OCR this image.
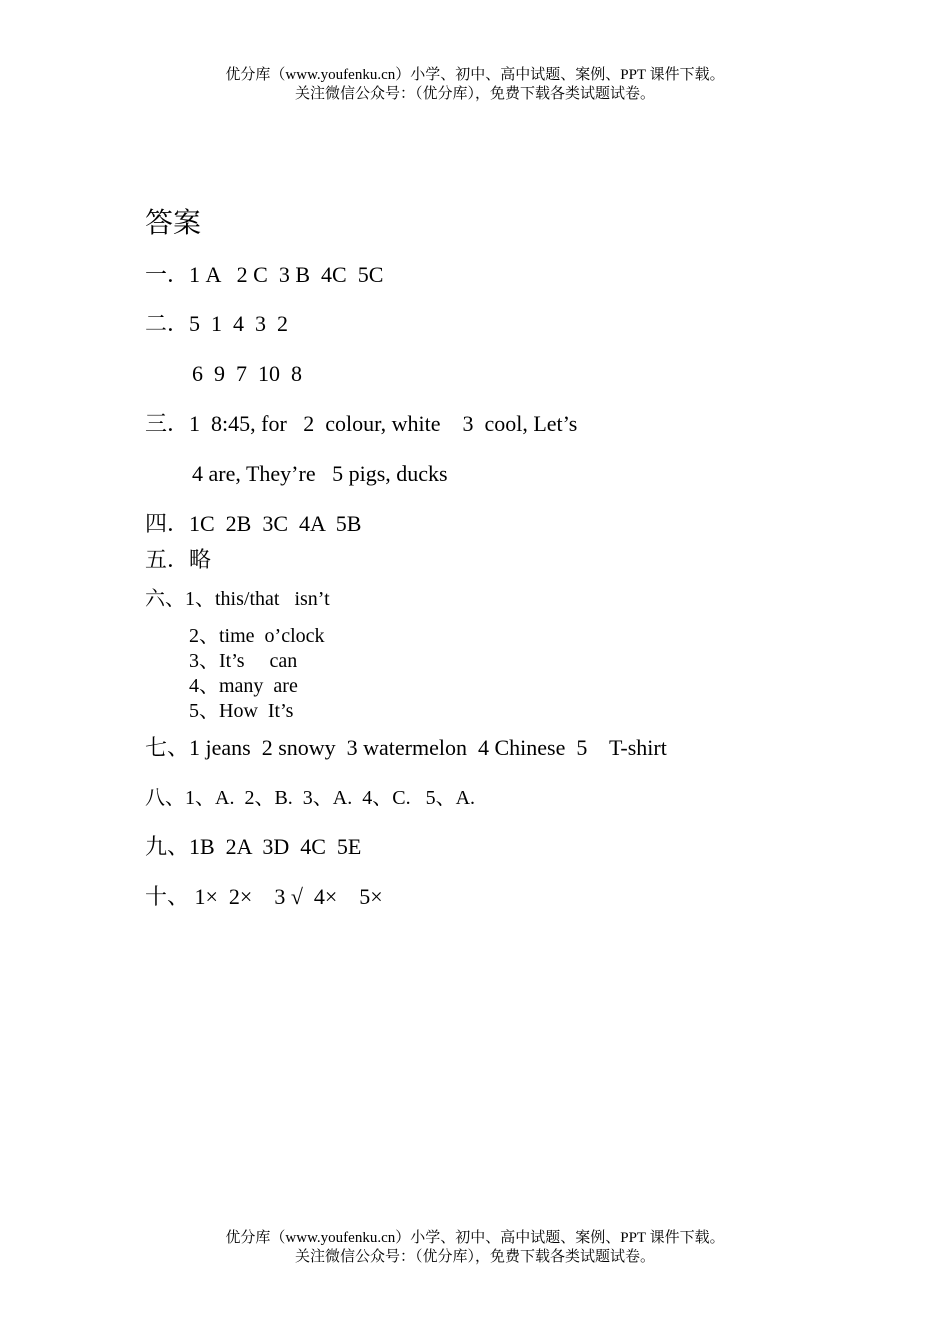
优分库（www.youfenku.cn）小学、初中、高中试题、案例、PPT 课件下载。
关注微信公众号：（优分库），免费下载各类试题试卷。
答案
一．1 A   2 C  3 B  4C  5C
二．5  1  4  3  2
6  9  7  10  8
三．1  8:45, for   2  colour, white    3  cool, Let’s
4 are, They’re   5 pigs, ducks
四．1C  2B  3C  4A  5B
五．略
六、1、this/that   isn’t
2、time  o’clock
3、It’s     can
4、many  are
5、How  It’s
七、1 jeans  2 snowy  3 watermelon  4 Chinese  5    T-shirt
八、1、A.  2、B.  3、A.  4、C.   5、A.
九、1B  2A  3D  4C  5E
十、 1×  2×    3 √  4×    5×
优分库（www.youfenku.cn）小学、初中、高中试题、案例、PPT 课件下载。
关注微信公众号：（优分库），免费下载各类试题试卷。
